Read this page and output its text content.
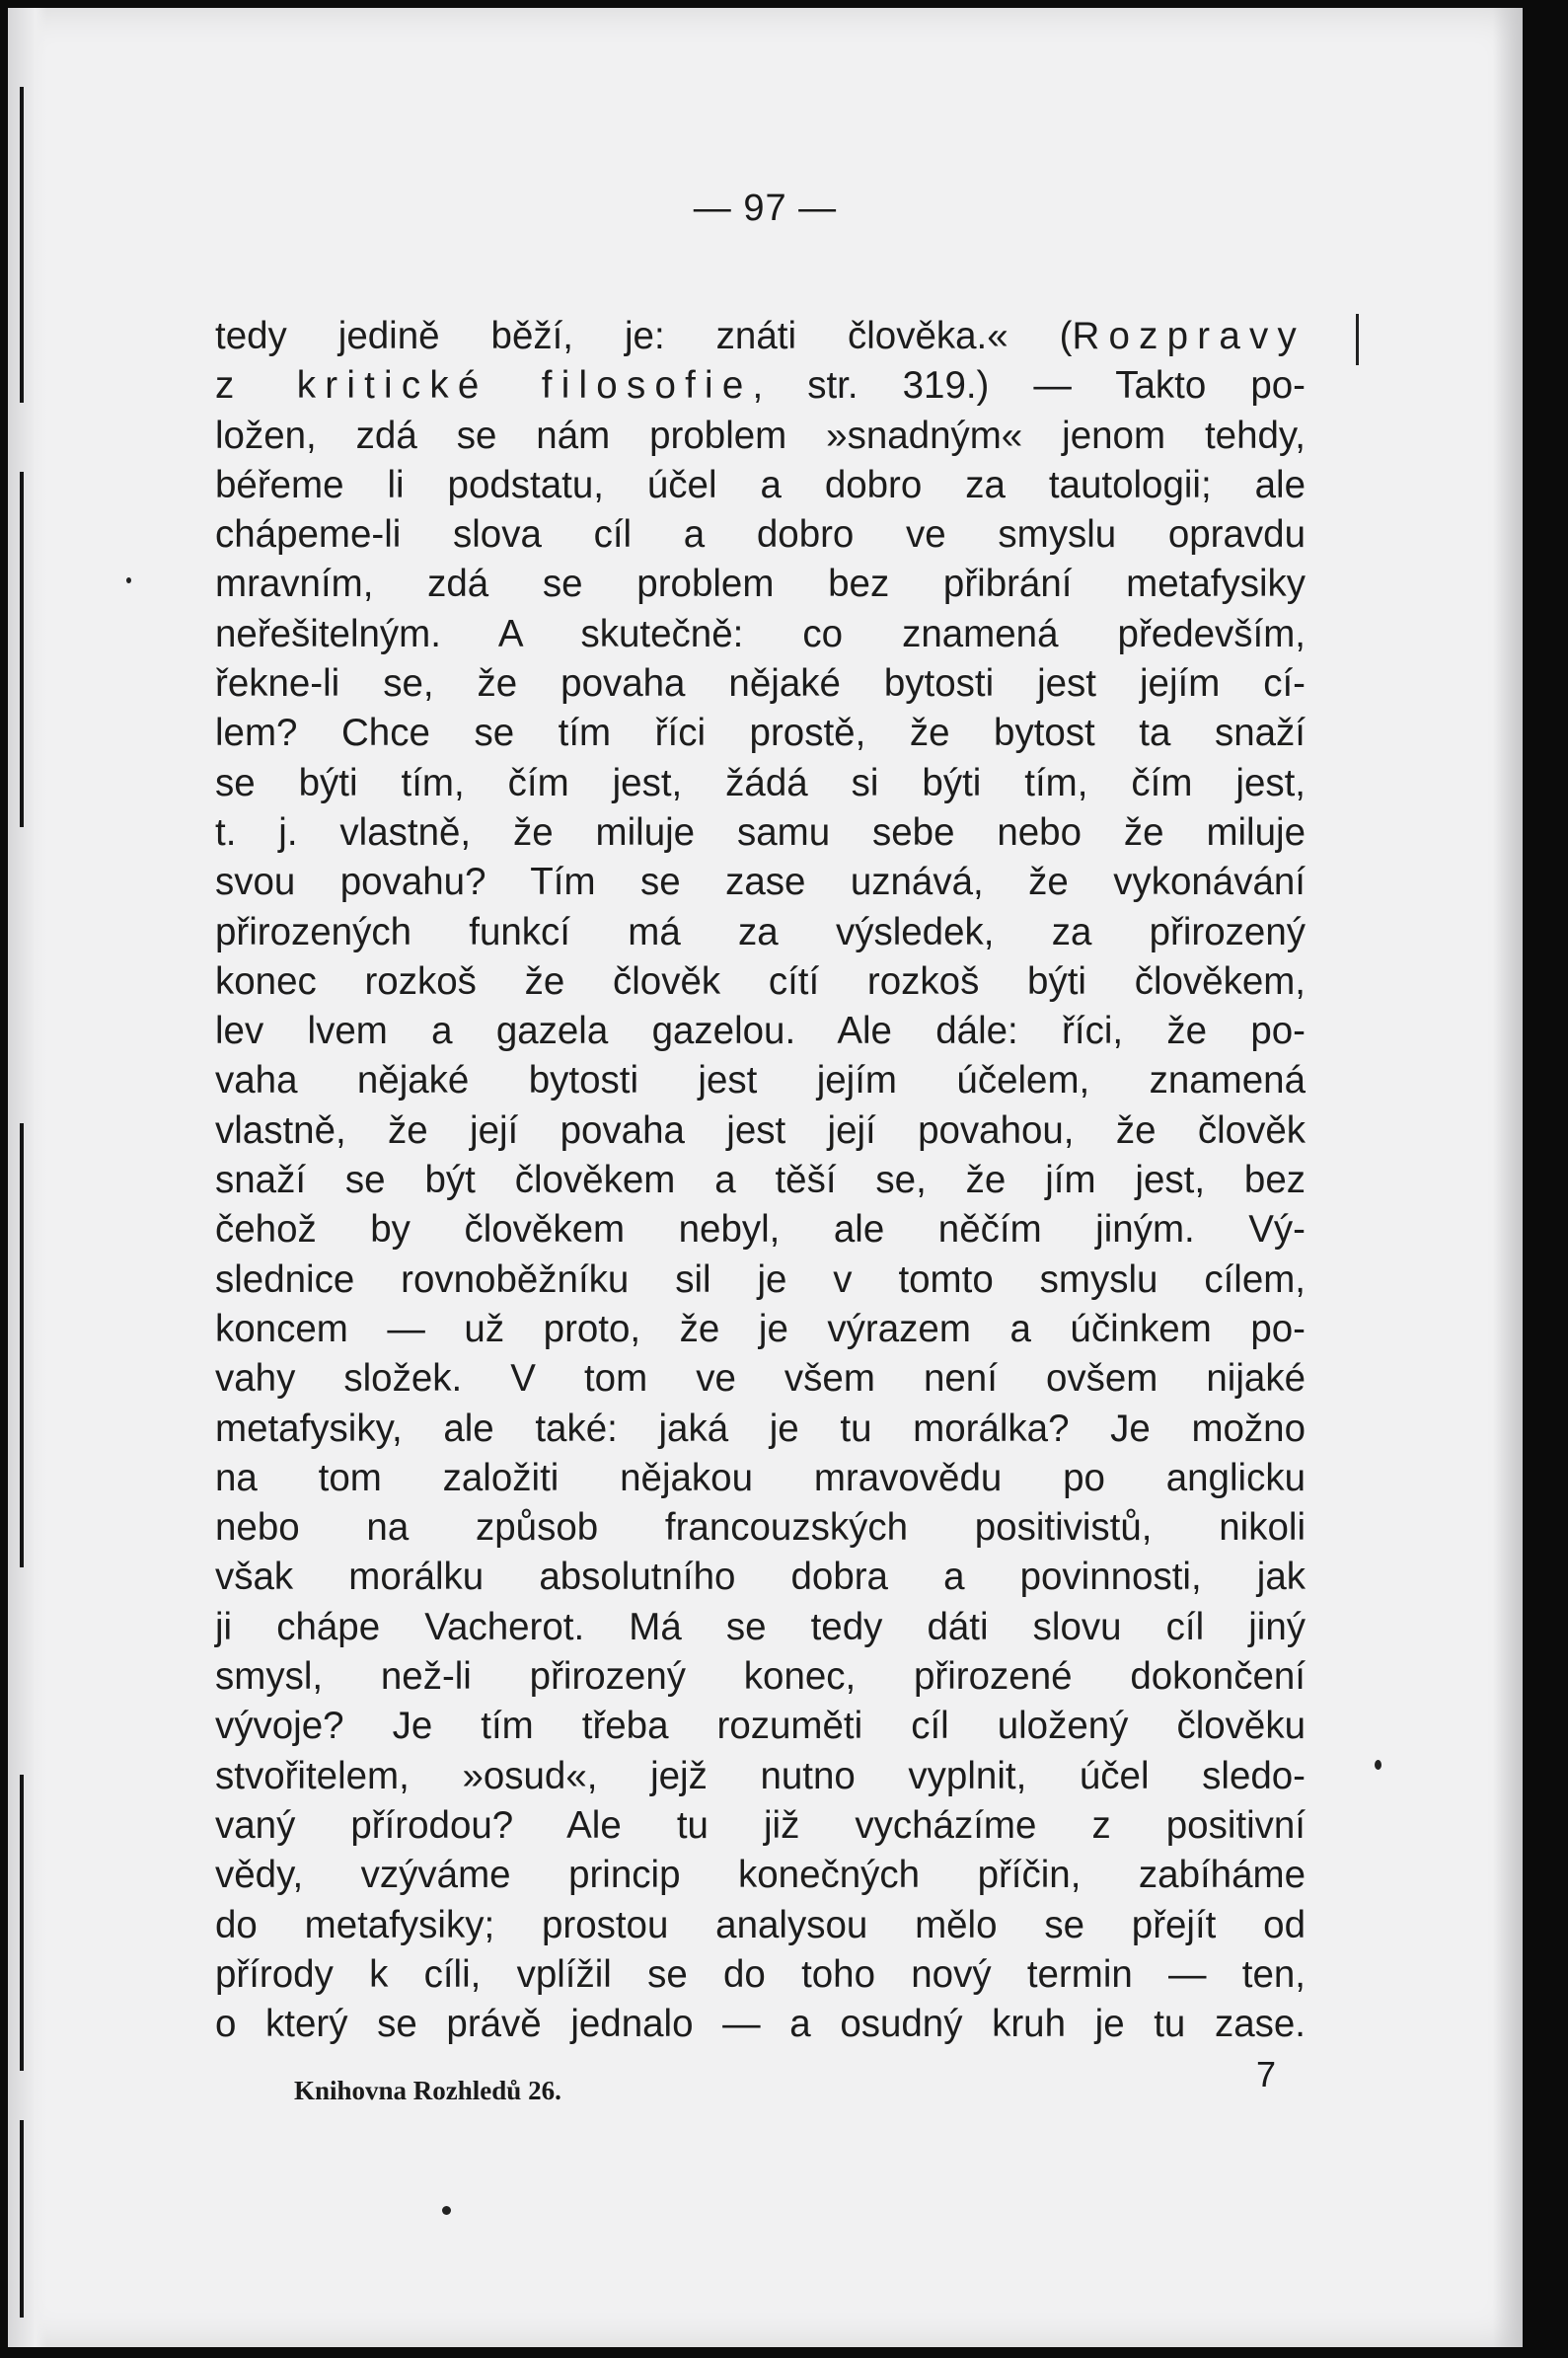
— 97 —
tedy jedině běží, je: znáti člověka.« (Rozpravy
z kritické filosofie, str. 319.) — Takto po-
ložen, zdá se nám problem »snadným« jenom tehdy,
béřeme li podstatu, účel a dobro za tautologii; ale
chápeme-li slova cíl a dobro ve smyslu opravdu
mravním, zdá se problem bez přibrání metafysiky
neřešitelným. A skutečně: co znamená především,
řekne-li se, že povaha nějaké bytosti jest jejím cí-
lem? Chce se tím říci prostě, že bytost ta snaží
se býti tím, čím jest, žádá si býti tím, čím jest,
t. j. vlastně, že miluje samu sebe nebo že miluje
svou povahu? Tím se zase uznává, že vykonávání
přirozených funkcí má za výsledek, za přirozený
konec rozkoš že člověk cítí rozkoš býti člověkem,
lev lvem a gazela gazelou. Ale dále: říci, že po-
vaha nějaké bytosti jest jejím účelem, znamená
vlastně, že její povaha jest její povahou, že člověk
snaží se být člověkem a těší se, že jím jest, bez
čehož by člověkem nebyl, ale něčím jiným. Vý-
slednice rovnoběžníku sil je v tomto smyslu cílem,
koncem — už proto, že je výrazem a účinkem po-
vahy složek. V tom ve všem není ovšem nijaké
metafysiky, ale také: jaká je tu morálka? Je možno
na tom založiti nějakou mravovědu po anglicku
nebo na způsob francouzských positivistů, nikoli
však morálku absolutního dobra a povinnosti, jak
ji chápe Vacherot. Má se tedy dáti slovu cíl jiný
smysl, než-li přirozený konec, přirozené dokončení
vývoje? Je tím třeba rozuměti cíl uložený člověku
stvořitelem, »osud«, jejž nutno vyplnit, účel sledo-
vaný přírodou? Ale tu již vycházíme z positivní
vědy, vzýváme princip konečných příčin, zabíháme
do metafysiky; prostou analysou mělo se přejít od
přírody k cíli, vplížil se do toho nový termin — ten,
o který se právě jednalo — a osudný kruh je tu zase.
Knihovna Rozhledů 26.	7
